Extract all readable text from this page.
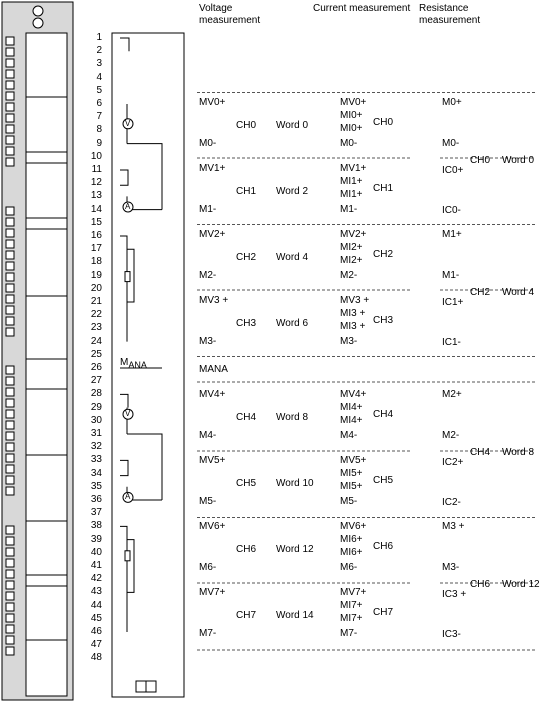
Voltage
measurement
Current measurement Resistance
measurement
1
2
3
4
5
6
7
8
9
10
11
12
13
14
15
16
17
18
19
20
21
22
23
24
25
26
27
28
29
30
31
32
33
34
35
36
37
38
39
40
41
42
43
44
45
46
47
48
MANA	MANA
V
A
V
A
MV0+
CH0 Word 0
M0-
MV0+
MI0+
MI0+
CH0
M0-
MV1+
CH1 Word 2
M1-
MV1+
MI1+
MI1+
CH1
M1-
MV2+
CH2 Word 4
M2-
MV2+
MI2+
MI2+
CH2
M2-
MV3 +
CH3 Word 6
M3-
MV3 +
MI3 +
MI3 +
CH3
M3-
MV4+
CH4 Word 8
M4-
MV4+
MI4+
MI4+
CH4
M4-
MV5+
CH5 Word 10
M5-
MV5+
MI5+
MI5+
CH5
M5-
MV6+
CH6 Word 12
M6-
MV6+
MI6+
MI6+
CH6
M6-
MV7+
CH7 Word 14
M7-
MV7+
MI7+
MI7+
CH7
M7-
M0+
M0-
IC0+
IC0-
CH0 Word 0
M1+
M1-
IC1+
IC1-
CH2 Word 4
M2+
M2-
IC2+
IC2-
CH4 Word 8
M3 +
M3-
IC3 +
IC3-
CH6 Word 12
